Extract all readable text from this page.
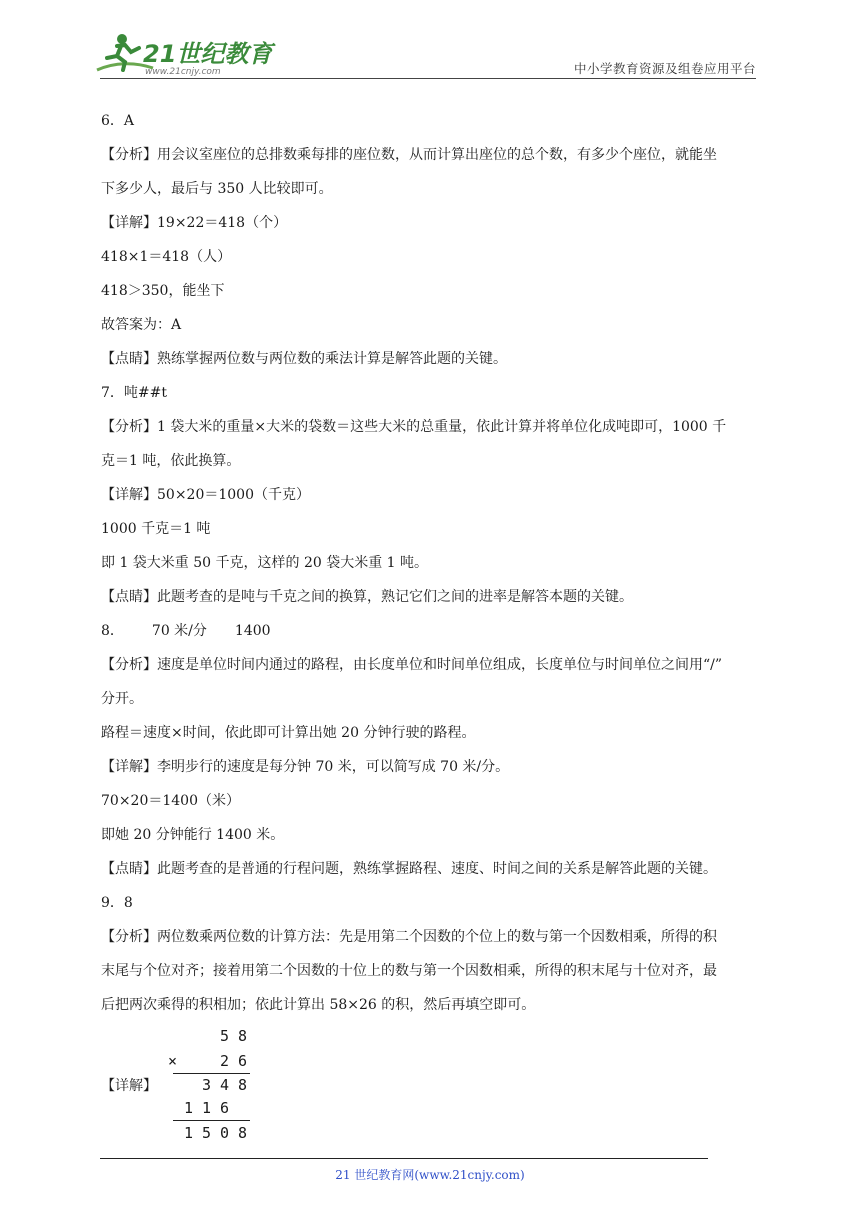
21世纪教育
www.21cnjy.com	中小学教育资源及组卷应用平台
6．A
【分析】用会议室座位的总排数乘每排的座位数，从而计算出座位的总个数，有多少个座位，就能坐
下多少人，最后与 350 人比较即可。
【详解】19×22＝418（个）
418×1＝418（人）
418＞350，能坐下
故答案为：A
【点睛】熟练掌握两位数与两位数的乘法计算是解答此题的关键。
7．吨##t
【分析】1 袋大米的重量×大米的袋数＝这些大米的总重量，依此计算并将单位化成吨即可，1000 千
克＝1 吨，依此换算。
【详解】50×20＝1000（千克）
1000 千克＝1 吨
即 1 袋大米重 50 千克，这样的 20 袋大米重 1 吨。
【点睛】此题考查的是吨与千克之间的换算，熟记它们之间的进率是解答本题的关键。
8． 70 米/分 1400
【分析】速度是单位时间内通过的路程，由长度单位和时间单位组成，长度单位与时间单位之间用“/”
分开。
路程＝速度×时间，依此即可计算出她 20 分钟行驶的路程。
【详解】李明步行的速度是每分钟 70 米，可以简写成 70 米/分。
70×20＝1400（米）
即她 20 分钟能行 1400 米。
【点睛】此题考查的是普通的行程问题，熟练掌握路程、速度、时间之间的关系是解答此题的关键。
9．8
【分析】两位数乘两位数的计算方法：先是用第二个因数的个位上的数与第一个因数相乘，所得的积
末尾与个位对齐；接着用第二个因数的十位上的数与第一个因数相乘，所得的积末尾与十位对齐，最
后把两次乘得的积相加；依此计算出 58×26 的积，然后再填空即可。
【详解】
5 8
×	2 6
3 4 8
1 1 6
1 5 0 8
21 世纪教育网(www.21cnjy.com)
